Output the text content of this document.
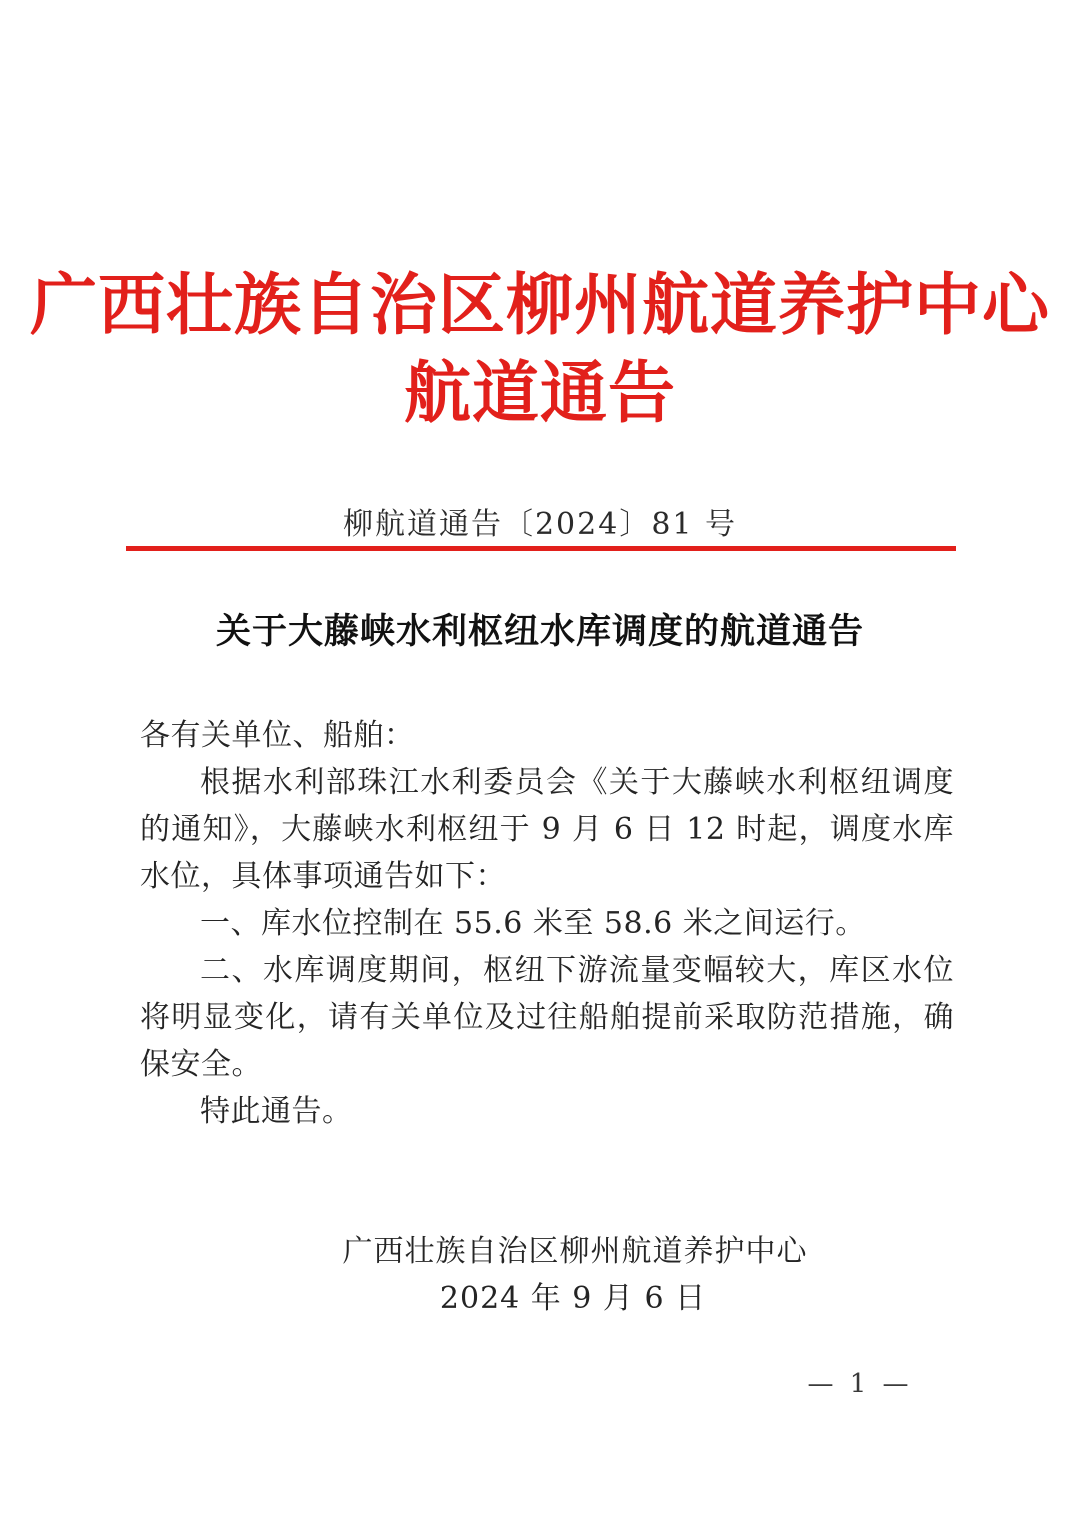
广西壮族自治区柳州航道养护中心
航道通告
柳航道通告〔2024〕81 号
关于大藤峡水利枢纽水库调度的航道通告
各有关单位、船舶：
根据水利部珠江水利委员会《关于大藤峡水利枢纽调度的通知》，大藤峡水利枢纽于 9 月 6 日 12 时起，调度水库水位，具体事项通告如下：
一、库水位控制在 55.6 米至 58.6 米之间运行。
二、水库调度期间，枢纽下游流量变幅较大，库区水位将明显变化，请有关单位及过往船舶提前采取防范措施，确保安全。
特此通告。
广西壮族自治区柳州航道养护中心
2024 年 9 月 6 日
— 1 —
